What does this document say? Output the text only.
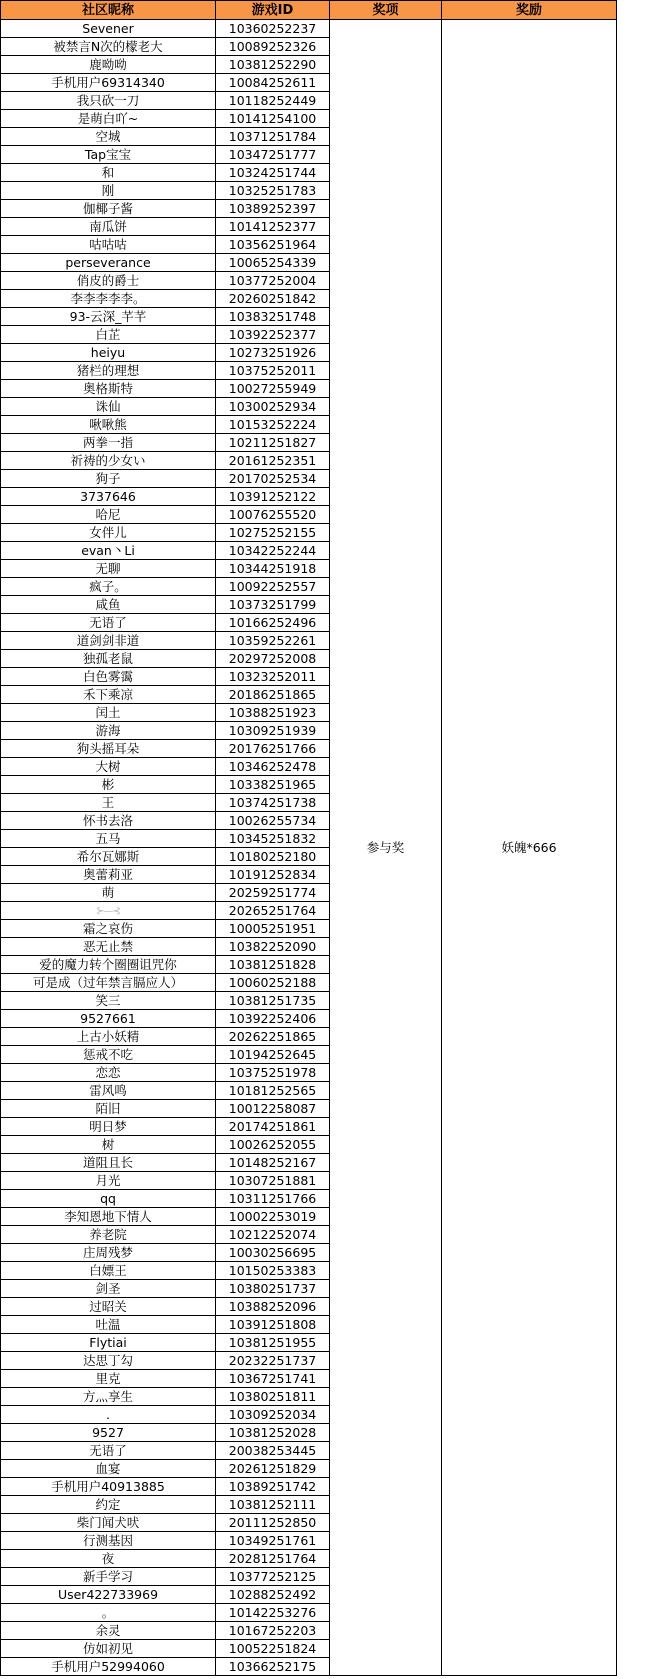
社区昵称	游戏ID	奖项	奖励
Sevener	10360252237	参与奖	妖魄*666
被禁言N次的檬老大	10089252326		
鹿呦呦	10381252290		
手机用户69314340	10084252611		
我只砍一刀	10118252449		
是萌白吖~	10141254100		
空城	10371251784		
Tap宝宝	10347251777		
和	10324251744		
刚	10325251783		
伽椰子酱	10389252397		
南瓜饼	10141252377		
咕咕咕	10356251964		
perseverance	10065254339		
俏皮的爵士	10377252004		
李李李李李。	20260251842		
93-云深_芊芊	10383251748		
白芷	10392252377		
heiyu	10273251926		
猪栏的理想	10375252011		
奥格斯特	10027255949		
诛仙	10300252934		
啾啾熊	10153252224		
两拳一指	10211251827		
祈祷的少女い	20161252351		
狗子	20170252534		
3737646	10391252122		
哈尼	10076255520		
女伴儿	10275252155		
evan丶Li	10342252244		
无聊	10344251918		
疯子。	10092252557		
咸鱼	10373251799		
无语了	10166252496		
道剑剑非道	10359252261		
独孤老鼠	20297252008		
白色雾霭	10323252011		
禾下乘凉	20186251865		
闰土	10388251923		
游海	10309251939		
狗头摇耳朵	20176251766		
大树	10346252478		
彬	10338251965		
王	10374251738		
怀书去洛	10026255734		
五马	10345251832		
希尔瓦娜斯	10180252180		
奥蕾莉亚	10191252834		
萌	20259251774		
⊱—⊰	20265251764		
霜之哀伤	10005251951		
恶无止禁	10382252090		
爱的魔力转个圈圈诅咒你	10381251828		
可是成（过年禁言膈应人）	10060252188		
笑三	10381251735		
9527661	10392252406		
上古小妖精	20262251865		
惩戒不吃	10194252645		
恋恋	10375251978		
雷风鸣	10181252565		
陌旧	10012258087		
明日梦	20174251861		
树	10026252055		
道阻且长	10148252167		
月光	10307251881		
qq	10311251766		
李知恩地下情人	10002253019		
养老院	10212252074		
庄周残梦	10030256695		
白嫖王	10150253383		
剑圣	10380251737		
过昭关	10388252096		
吐温	10391251808		
Flytiai	10381251955		
达思丁勾	20232251737		
里克	10367251741		
方灬享生	10380251811		
.	10309252034		
9527	10381252028		
无语了	20038253445		
血宴	20261251829		
手机用户40913885	10389251742		
约定	10381252111		
柴门闻犬吠	20111252850		
行测基因	10349251761		
夜	20281251764		
新手学习	10377252125		
User422733969	10288252492		
。	10142253276		
余灵	10167252203		
仿如初见	10052251824		
手机用户52994060	10366252175		
